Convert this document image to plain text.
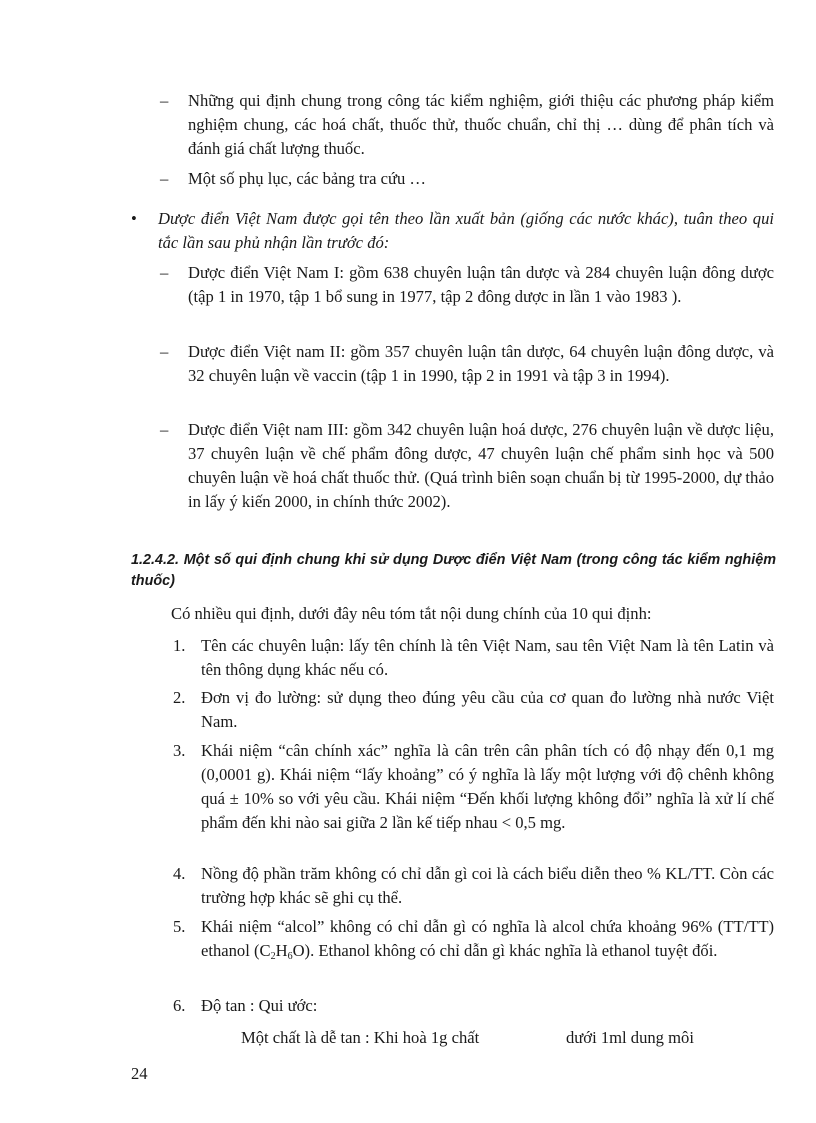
– Những qui định chung trong công tác kiểm nghiệm, giới thiệu các phương pháp kiểm nghiệm chung, các hoá chất, thuốc thử, thuốc chuẩn, chỉ thị … dùng để phân tích và đánh giá chất lượng thuốc.
– Một số phụ lục, các bảng tra cứu …
• Dược điển Việt Nam được gọi tên theo lần xuất bản (giống các nước khác), tuân theo qui tắc lần sau phủ nhận lần trước đó:
– Dược điển Việt Nam I: gồm 638 chuyên luận tân dược và 284 chuyên luận đông dược (tập 1 in 1970, tập 1 bổ sung in 1977, tập 2 đông dược in lần 1 vào 1983 ).
– Dược điển Việt nam II: gồm 357 chuyên luận tân dược, 64 chuyên luận đông dược, và 32 chuyên luận về vaccin (tập 1 in 1990, tập 2 in 1991 và tập 3 in 1994).
– Dược điển Việt nam III: gồm 342 chuyên luận hoá dược, 276 chuyên luận về dược liệu, 37 chuyên luận về chế phẩm đông dược, 47 chuyên luận chế phẩm sinh học và 500 chuyên luận về hoá chất thuốc thử. (Quá trình biên soạn chuẩn bị từ 1995-2000, dự thảo in lấy ý kiến 2000, in chính thức 2002).
1.2.4.2. Một số qui định chung khi sử dụng Dược điển Việt Nam (trong công tác kiểm nghiệm thuốc)
Có nhiều qui định, dưới đây nêu tóm tắt nội dung chính của 10 qui định:
1. Tên các chuyên luận: lấy tên chính là tên Việt Nam, sau tên Việt Nam là tên Latin và tên thông dụng khác nếu có.
2. Đơn vị đo lường: sử dụng theo đúng yêu cầu của cơ quan đo lường nhà nước Việt Nam.
3. Khái niệm “cân chính xác” nghĩa là cân trên cân phân tích có độ nhạy đến 0,1 mg (0,0001 g). Khái niệm “lấy khoảng” có ý nghĩa là lấy một lượng với độ chênh không quá ± 10% so với yêu cầu. Khái niệm “Đến khối lượng không đổi” nghĩa là xử lí chế phẩm đến khi nào sai giữa 2 lần kế tiếp nhau < 0,5 mg.
4. Nồng độ phần trăm không có chỉ dẫn gì coi là cách biểu diễn theo % KL/TT. Còn các trường hợp khác sẽ ghi cụ thể.
5. Khái niệm “alcol” không có chỉ dẫn gì có nghĩa là alcol chứa khoảng 96% (TT/TT) ethanol $(C_2H_6O)$. Ethanol không có chỉ dẫn gì khác nghĩa là ethanol tuyệt đối.
6. Độ tan : Qui ước:
Một chất là dễ tan : Khi hoà 1g chất	dưới 1ml dung môi
24
